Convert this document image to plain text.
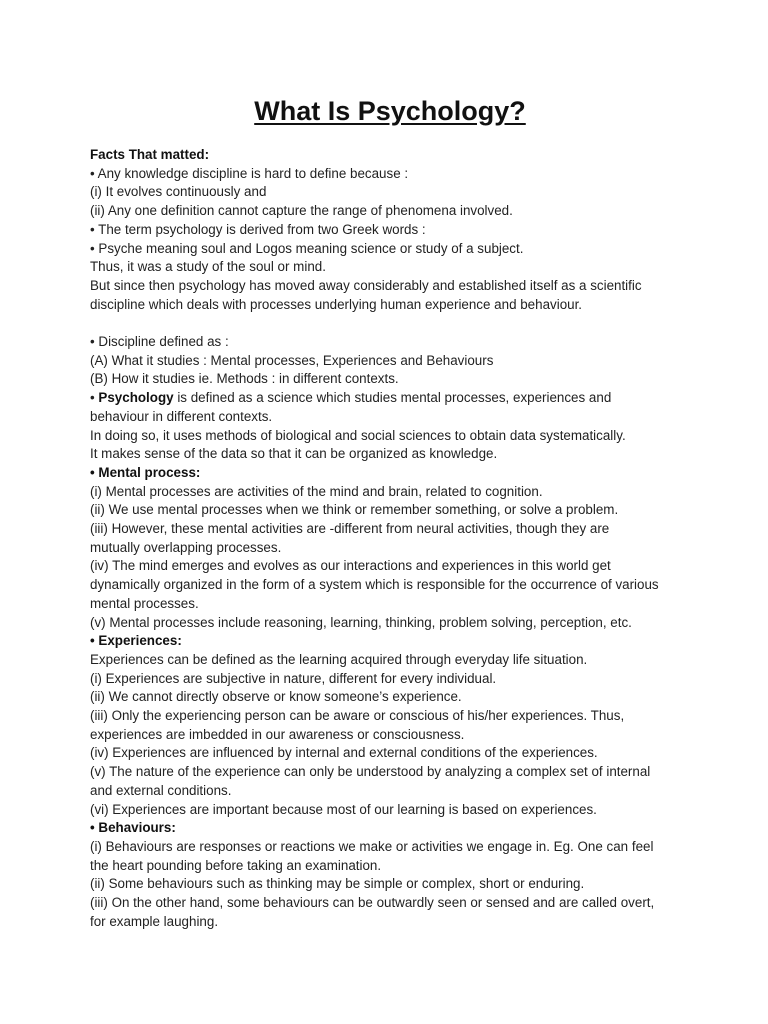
What Is Psychology?

Facts That matted:

• Any knowledge discipline is hard to define because :

(i) It evolves continuously and

(ii) Any one definition cannot capture the range of phenomena involved.

• The term psychology is derived from two Greek words :

• Psyche meaning soul and Logos meaning science or study of a subject.

Thus, it was a study of the soul or mind.

But since then psychology has moved away considerably and established itself as a scientific

discipline which deals with processes underlying human experience and behaviour.

• Discipline defined as :

(A) What it studies : Mental processes, Experiences and Behaviours

(B) How it studies ie. Methods : in different contexts.

• Psychology is defined as a science which studies mental processes, experiences and

behaviour in different contexts.

In doing so, it uses methods of biological and social sciences to obtain data systematically.

It makes sense of the data so that it can be organized as knowledge.

• Mental process:

(i) Mental processes are activities of the mind and brain, related to cognition.

(ii) We use mental processes when we think or remember something, or solve a problem.

(iii) However, these mental activities are -different from neural activities, though they are

mutually overlapping processes.

(iv) The mind emerges and evolves as our interactions and experiences in this world get

dynamically organized in the form of a system which is responsible for the occurrence of various

mental processes.

(v) Mental processes include reasoning, learning, thinking, problem solving, perception, etc.

• Experiences:

Experiences can be defined as the learning acquired through everyday life situation.

(i) Experiences are subjective in nature, different for every individual.

(ii) We cannot directly observe or know someone’s experience.

(iii) Only the experiencing person can be aware or conscious of his/her experiences. Thus,

experiences are imbedded in our awareness or consciousness.

(iv) Experiences are influenced by internal and external conditions of the experiences.

(v) The nature of the experience can only be understood by analyzing a complex set of internal

and external conditions.

(vi) Experiences are important because most of our learning is based on experiences.

• Behaviours:

(i) Behaviours are responses or reactions we make or activities we engage in. Eg. One can feel

the heart pounding before taking an examination.

(ii) Some behaviours such as thinking may be simple or complex, short or enduring.

(iii) On the other hand, some behaviours can be outwardly seen or sensed and are called overt,

for example laughing.
